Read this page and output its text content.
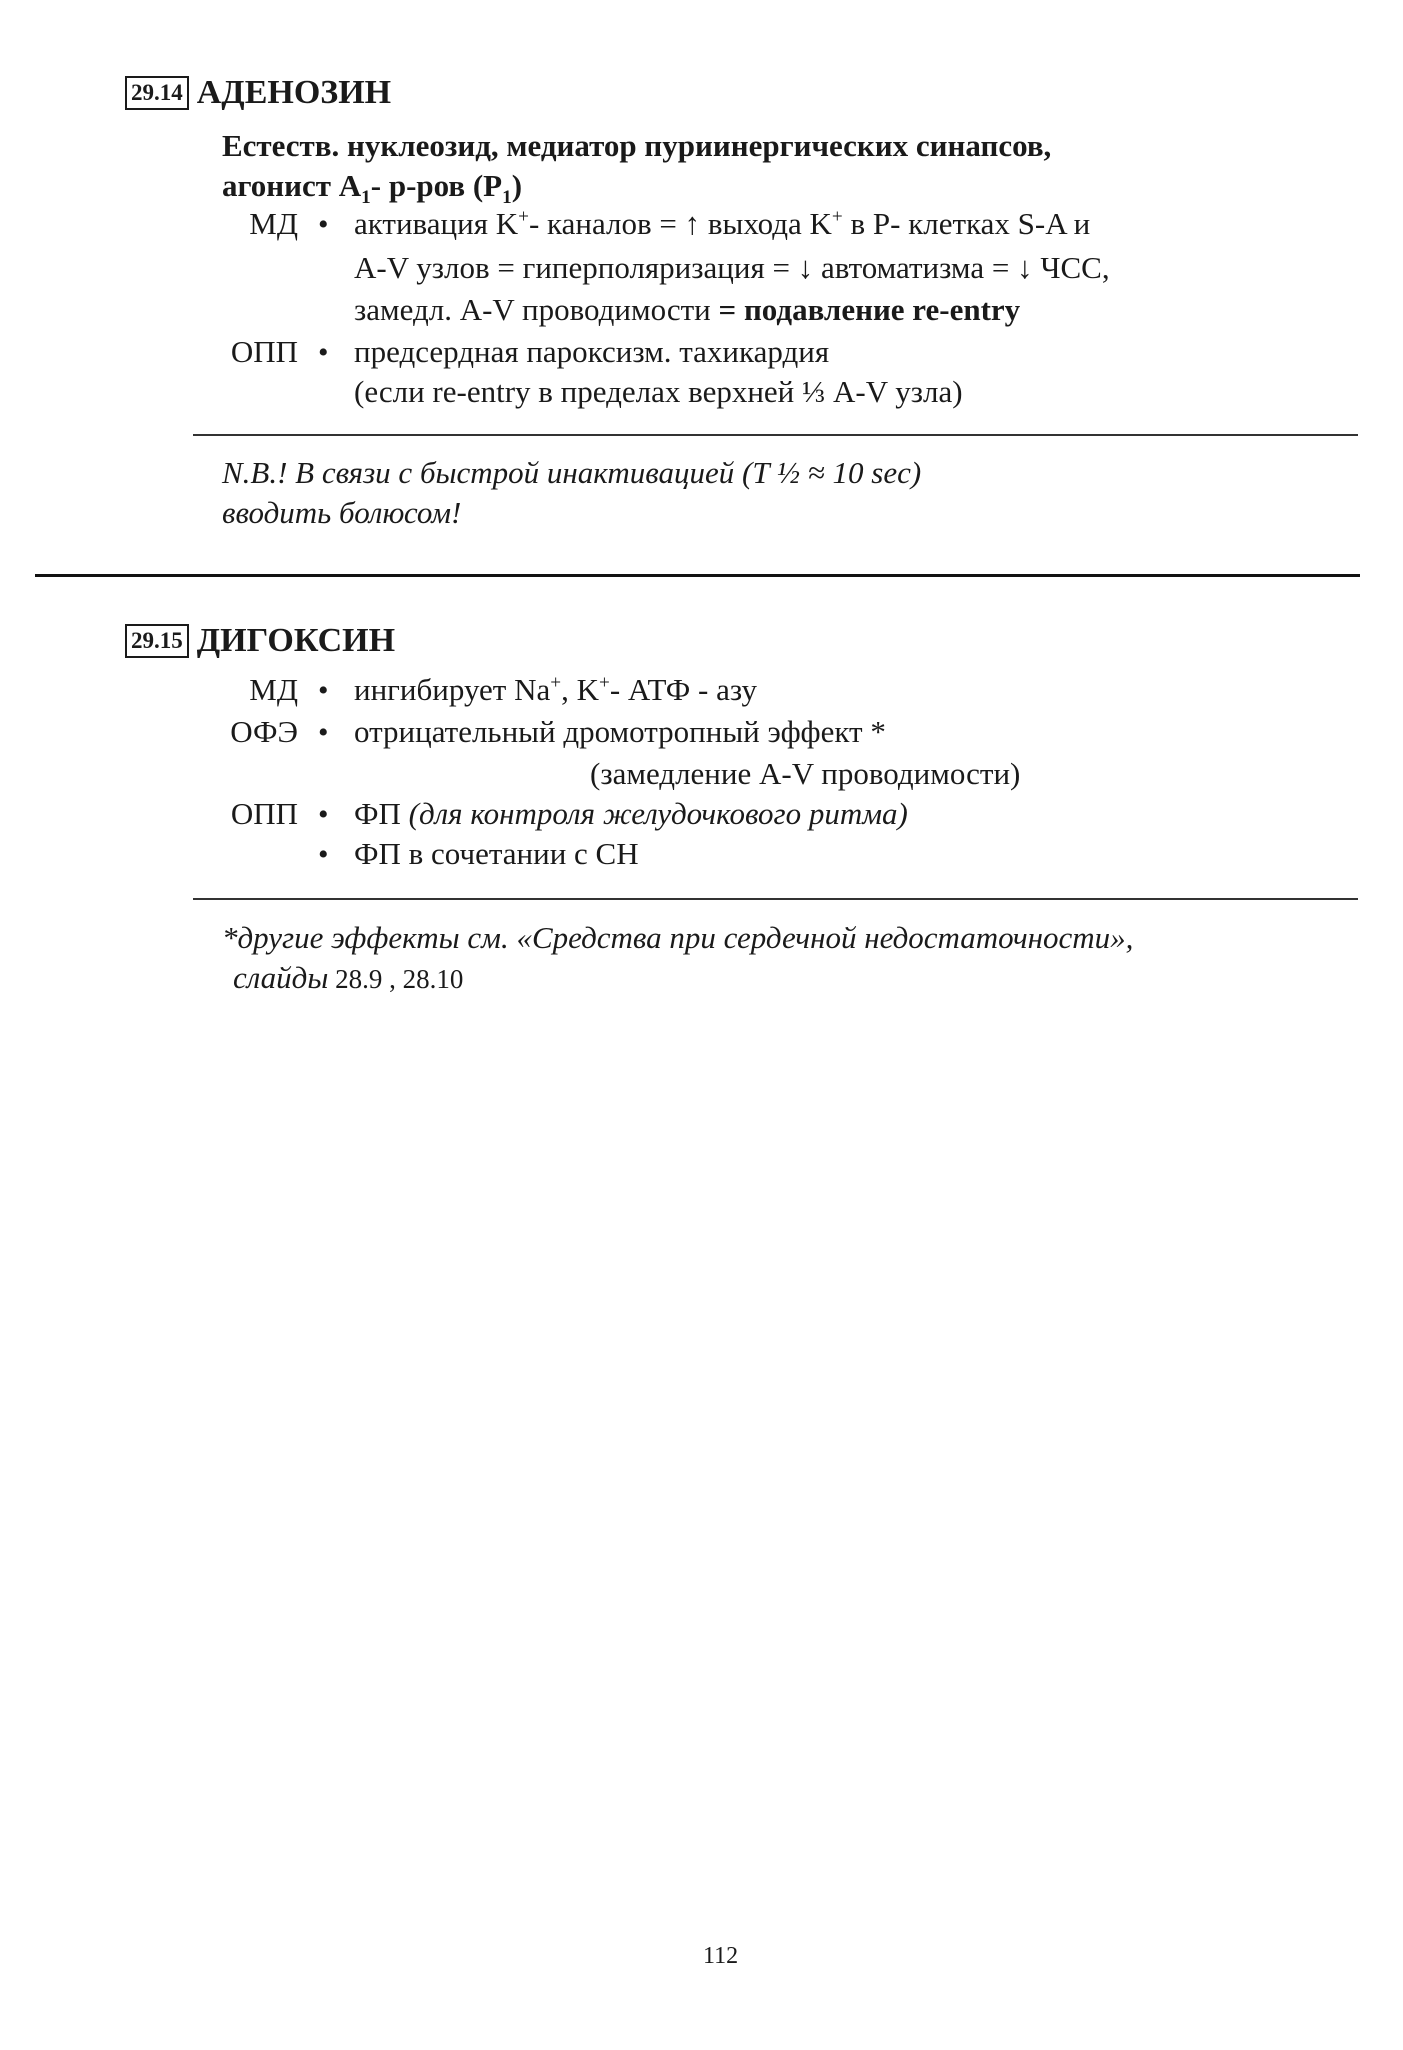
29.14 АДЕНОЗИН
Естеств. нуклеозид, медиатор пуриинергических синапсов,
агонист $A_1-$ р-ров $(P_1)$
МД • активация K+- каналов = ↑ выхода K+ в P- клетках S-A и
A-V узлов = гиперполяризация = ↓ автоматизма = ↓ ЧСС,
замедл. A-V проводимости = подавление re-entry
ОПП • предсердная пароксизм. тахикардия
(если re-entry в пределах верхней ⅓ A-V узла)
N.B.! В связи с быстрой инактивацией (T ½ ≈ 10 sec)
вводить болюсом!
29.15 ДИГОКСИН
МД • ингибирует Na+, K+- АТФ - азу
ОФЭ • отрицательный дромотропный эффект *
(замедление A-V проводимости)
ОПП • ФП (для контроля желудочкового ритма)
• ФП в сочетании с СН
*другие эффекты см. «Средства при сердечной недостаточности»,
слайды 28.9 , 28.10
112
